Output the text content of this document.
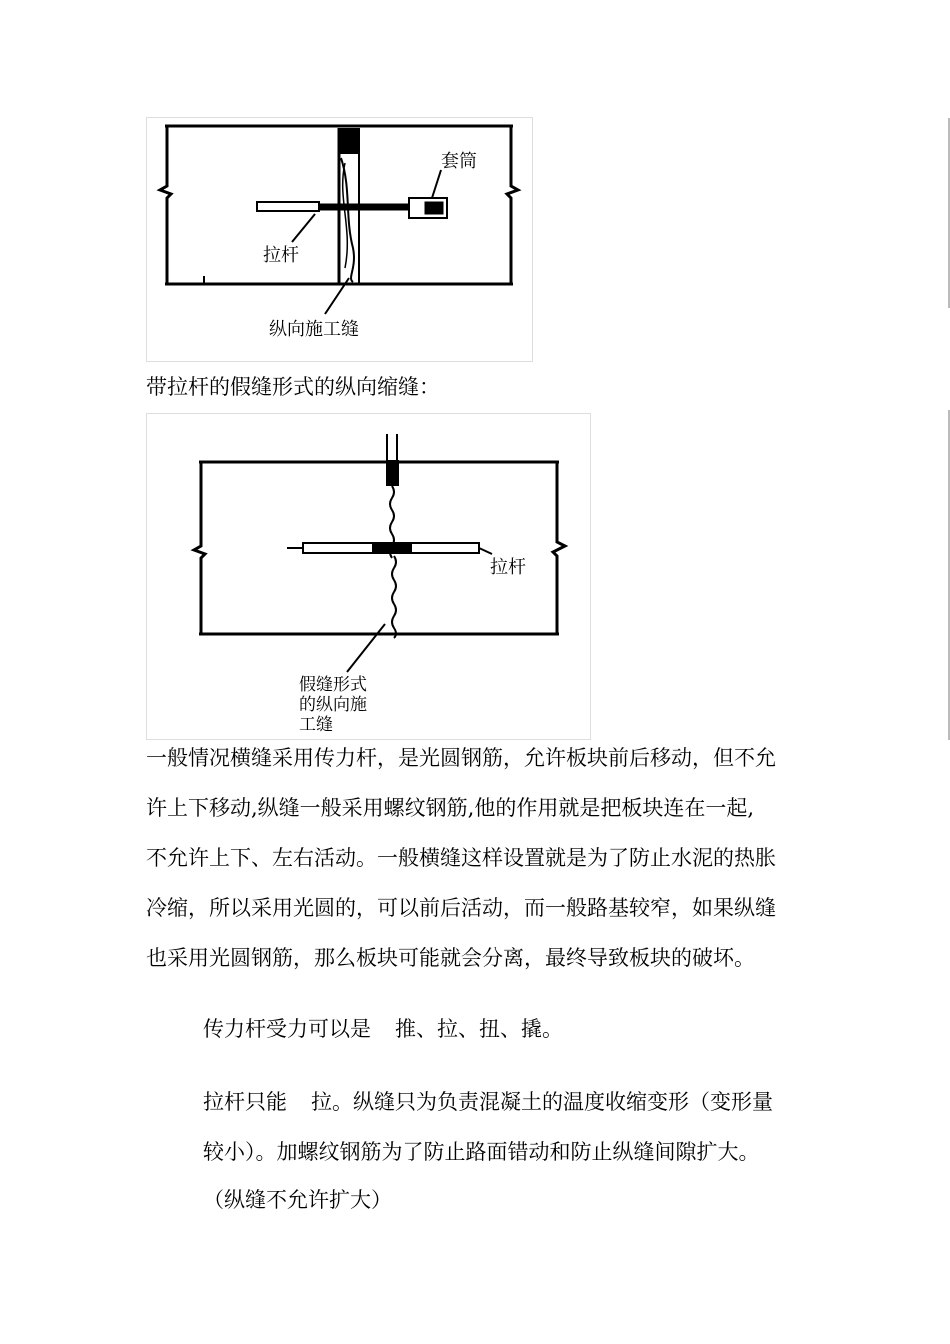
套筒
拉杆
纵向施工缝
带拉杆的假缝形式的纵向缩缝：
拉杆
假缝形式
的纵向施
工缝
一般情况横缝采用传力杆，是光圆钢筋，允许板块前后移动，但不允
许上下移动,纵缝一般采用螺纹钢筋,他的作用就是把板块连在一起,
不允许上下、左右活动。一般横缝这样设置就是为了防止水泥的热胀
冷缩，所以采用光圆的，可以前后活动，而一般路基较窄，如果纵缝
也采用光圆钢筋，那么板块可能就会分离，最终导致板块的破坏。
传力杆受力可以是 推、拉、扭、撬。
拉杆只能 拉。纵缝只为负责混凝土的温度收缩变形（变形量
较小）。加螺纹钢筋为了防止路面错动和防止纵缝间隙扩大。
（纵缝不允许扩大）
